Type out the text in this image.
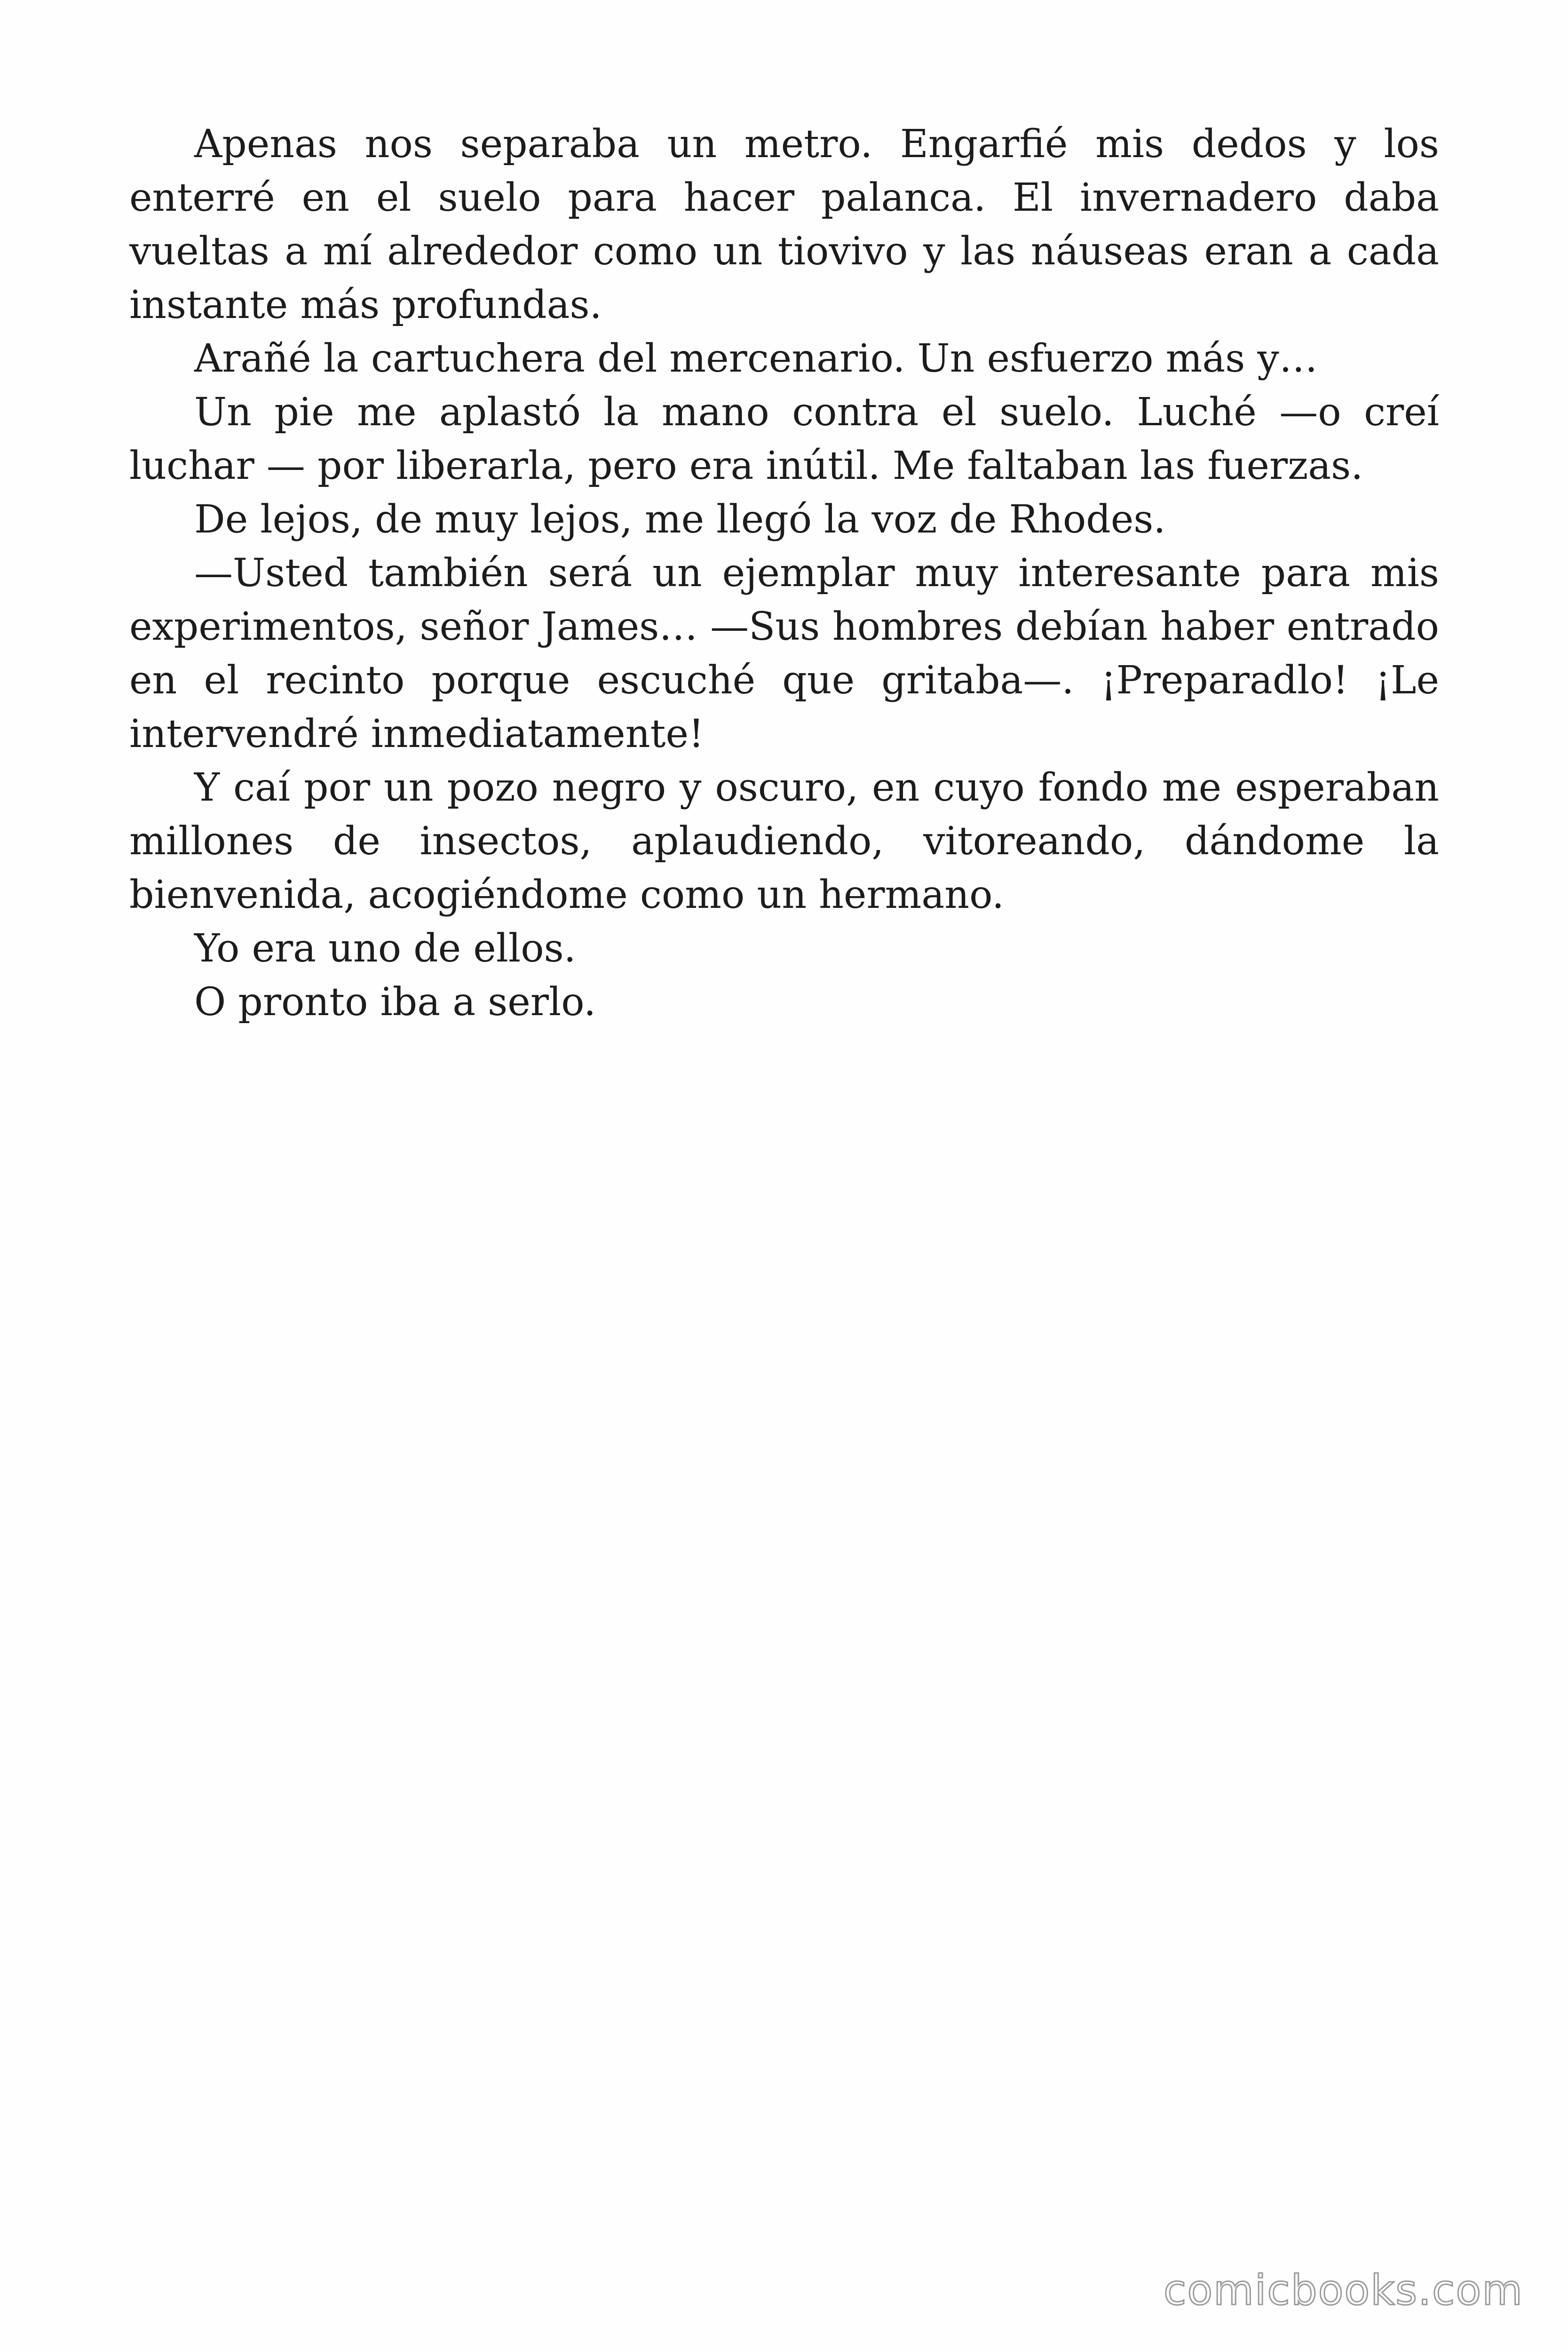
Apenas nos separaba un metro. Engarfié mis dedos y los enterré en el suelo para hacer palanca. El invernadero daba vueltas a mí alrededor como un tiovivo y las náuseas eran a cada instante más profundas.

Arañé la cartuchera del mercenario. Un esfuerzo más y…

Un pie me aplastó la mano contra el suelo. Luché —o creí luchar — por liberarla, pero era inútil. Me faltaban las fuerzas.

De lejos, de muy lejos, me llegó la voz de Rhodes.

—Usted también será un ejemplar muy interesante para mis experimentos, señor James… —Sus hombres debían haber entrado en el recinto porque escuché que gritaba—. ¡Preparadlo! ¡Le intervendré inmediatamente!

Y caí por un pozo negro y oscuro, en cuyo fondo me esperaban millones de insectos, aplaudiendo, vitoreando, dándome la bienvenida, acogiéndome como un hermano.

Yo era uno de ellos.

O pronto iba a serlo.

comicbooks.com
